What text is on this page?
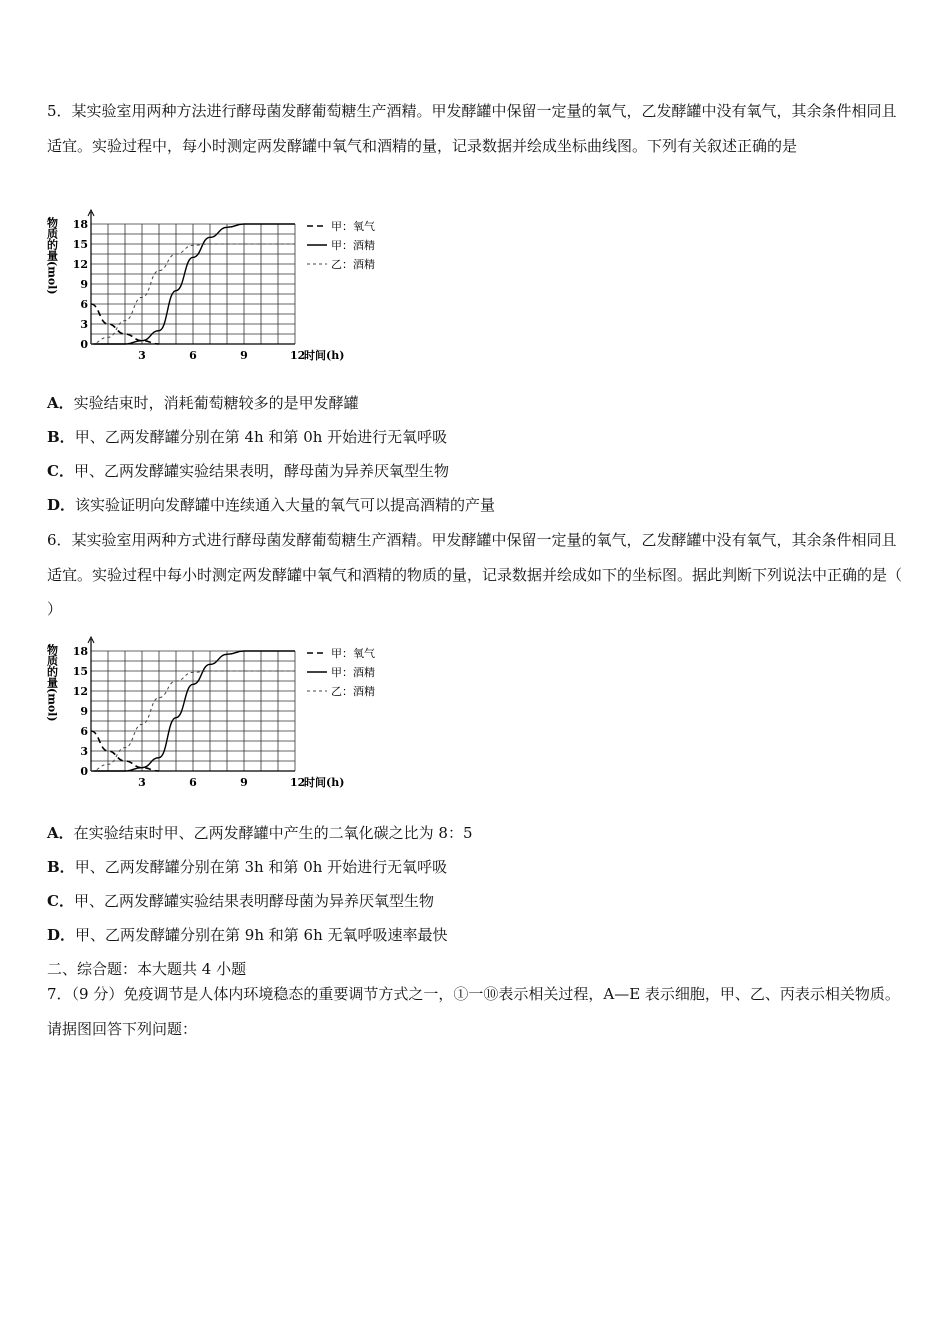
5．某实验室用两种方法进行酵母菌发酵葡萄糖生产酒精。甲发酵罐中保留一定量的氧气，乙发酵罐中没有氧气，其余条件相同且适宜。实验过程中，每小时测定两发酵罐中氧气和酒精的量，记录数据并绘成坐标曲线图。下列有关叙述正确的是
0
3
6
9
12
15
18
3	6	9	12
时间(h)
物质的量(mol)	甲：氧气
甲：酒精
乙：酒精
A．实验结束时，消耗葡萄糖较多的是甲发酵罐
B．甲、乙两发酵罐分别在第 4h 和第 0h 开始进行无氧呼吸
C．甲、乙两发酵罐实验结果表明，酵母菌为异养厌氧型生物
D．该实验证明向发酵罐中连续通入大量的氧气可以提高酒精的产量
6．某实验室用两种方式进行酵母菌发酵葡萄糖生产酒精。甲发酵罐中保留一定量的氧气，乙发酵罐中没有氧气，其余条件相同且适宜。实验过程中每小时测定两发酵罐中氧气和酒精的物质的量，记录数据并绘成如下的坐标图。据此判断下列说法中正确的是（ ）
0
3
6
9
12
15
18
3	6	9	12
时间(h)
物质的量(mol)	甲：氧气
甲：酒精
乙：酒精
A．在实验结束时甲、乙两发酵罐中产生的二氧化碳之比为 8：5
B．甲、乙两发酵罐分别在第 3h 和第 0h 开始进行无氧呼吸
C．甲、乙两发酵罐实验结果表明酵母菌为异养厌氧型生物
D．甲、乙两发酵罐分别在第 9h 和第 6h 无氧呼吸速率最快
二、综合题：本大题共 4 小题
7．（9 分）免疫调节是人体内环境稳态的重要调节方式之一，①一⑩表示相关过程，A—E 表示细胞，甲、乙、丙表示相关物质。请据图回答下列问题：
